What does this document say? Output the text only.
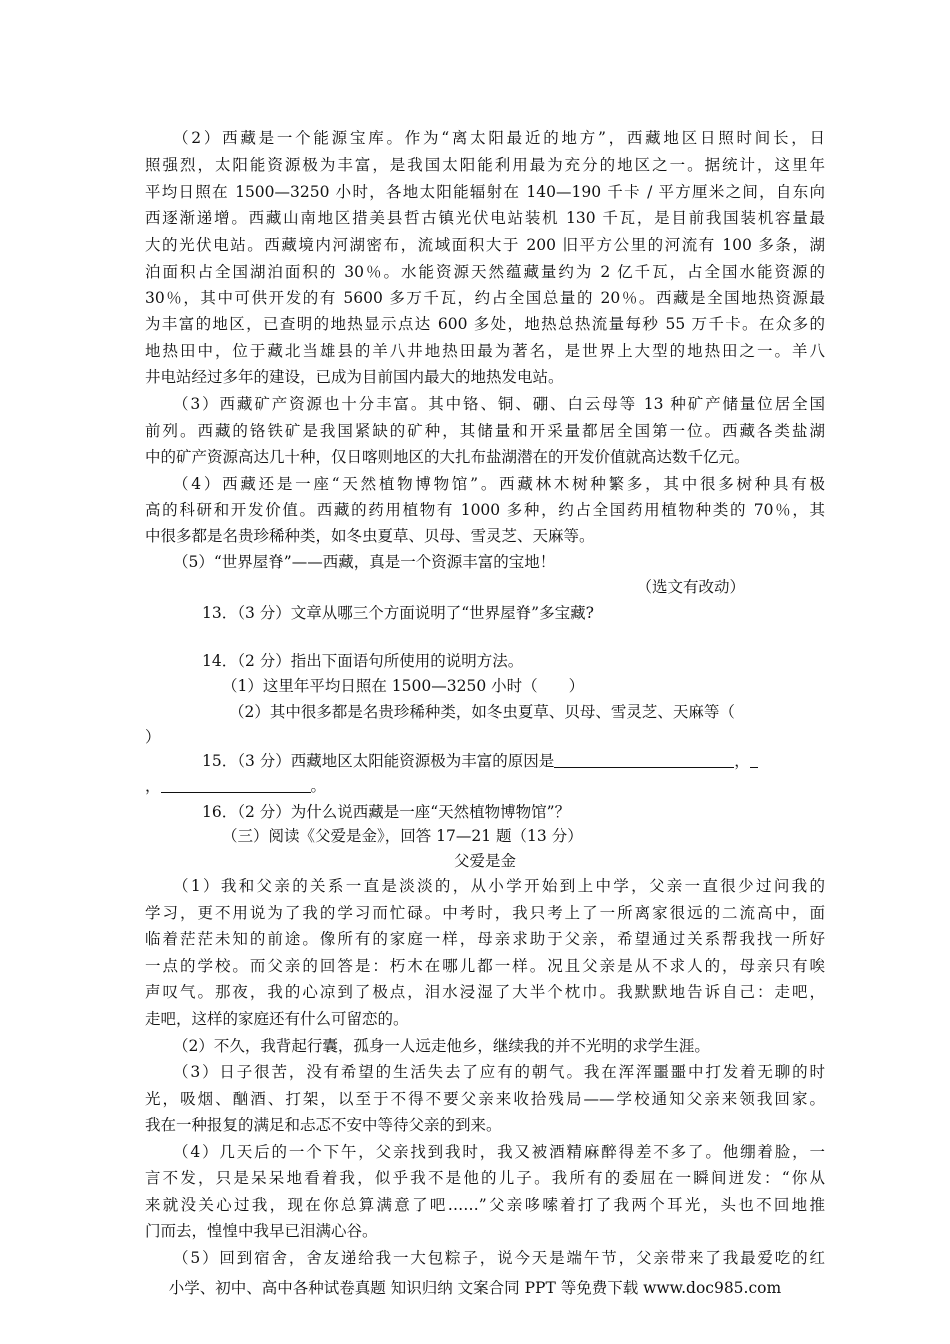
（2）西藏是一个能源宝库。作为“离太阳最近的地方”，西藏地区日照时间长，日
照强烈，太阳能资源极为丰富，是我国太阳能利用最为充分的地区之一。据统计，这里年
平均日照在 1500—3250 小时，各地太阳能辐射在 140—190 千卡 / 平方厘米之间，自东向
西逐渐递增。西藏山南地区措美县哲古镇光伏电站装机 130 千瓦，是目前我国装机容量最
大的光伏电站。西藏境内河湖密布，流域面积大于 200 旧平方公里的河流有 100 多条，湖
泊面积占全国湖泊面积的 30％。水能资源天然蕴藏量约为 2 亿千瓦，占全国水能资源的
30％，其中可供开发的有 5600 多万千瓦，约占全国总量的 20％。西藏是全国地热资源最
为丰富的地区，已查明的地热显示点达 600 多处，地热总热流量每秒 55 万千卡。在众多的
地热田中，位于藏北当雄县的羊八井地热田最为著名，是世界上大型的地热田之一。羊八
井电站经过多年的建设，已成为目前国内最大的地热发电站。
（3）西藏矿产资源也十分丰富。其中铬、铜、硼、白云母等 13 种矿产储量位居全国
前列。西藏的铬铁矿是我国紧缺的矿种，其储量和开采量都居全国第一位。西藏各类盐湖
中的矿产资源高达几十种，仅日喀则地区的大扎布盐湖潜在的开发价值就高达数千亿元。
（4）西藏还是一座“天然植物博物馆”。西藏林木树种繁多，其中很多树种具有极
高的科研和开发价值。西藏的药用植物有 1000 多种，约占全国药用植物种类的 70％，其
中很多都是名贵珍稀种类，如冬虫夏草、贝母、雪灵芝、天麻等。
（5）“世界屋脊”——西藏，真是一个资源丰富的宝地！
（选文有改动）
13．（3 分）文章从哪三个方面说明了“世界屋脊”多宝藏?
14．（2 分）指出下面语句所使用的说明方法。
（1）这里年平均日照在 1500—3250 小时（　　）
（2）其中很多都是名贵珍稀种类，如冬虫夏草、贝母、雪灵芝、天麻等（
）
15．（3 分）西藏地区太阳能资源极为丰富的原因是	，
，	。
16．（2 分）为什么说西藏是一座“天然植物博物馆”？
（三）阅读《父爱是金》，回答 17—21 题（13 分）
父爱是金
（1）我和父亲的关系一直是淡淡的，从小学开始到上中学，父亲一直很少过问我的
学习，更不用说为了我的学习而忙碌。中考时，我只考上了一所离家很远的二流高中，面
临着茫茫未知的前途。像所有的家庭一样，母亲求助于父亲，希望通过关系帮我找一所好
一点的学校。而父亲的回答是：朽木在哪儿都一样。况且父亲是从不求人的，母亲只有唉
声叹气。那夜，我的心凉到了极点，泪水浸湿了大半个枕巾。我默默地告诉自己：走吧，
走吧，这样的家庭还有什么可留恋的。
（2）不久，我背起行囊，孤身一人远走他乡，继续我的并不光明的求学生涯。
（3）日子很苦，没有希望的生活失去了应有的朝气。我在浑浑噩噩中打发着无聊的时
光，吸烟、酗酒、打架，以至于不得不要父亲来收拾残局——学校通知父亲来领我回家。
我在一种报复的满足和忐忑不安中等待父亲的到来。
（4）几天后的一个下午，父亲找到我时，我又被酒精麻醉得差不多了。他绷着脸，一
言不发，只是呆呆地看着我，似乎我不是他的儿子。我所有的委屈在一瞬间迸发：“你从
来就没关心过我，现在你总算满意了吧……”父亲哆嗦着打了我两个耳光，头也不回地推
门而去，惶惶中我早已泪满心谷。
（5）回到宿舍，舍友递给我一大包粽子，说今天是端午节，父亲带来了我最爱吃的红
小学、初中、高中各种试卷真题 知识归纳 文案合同 PPT 等免费下载 www.doc985.com
